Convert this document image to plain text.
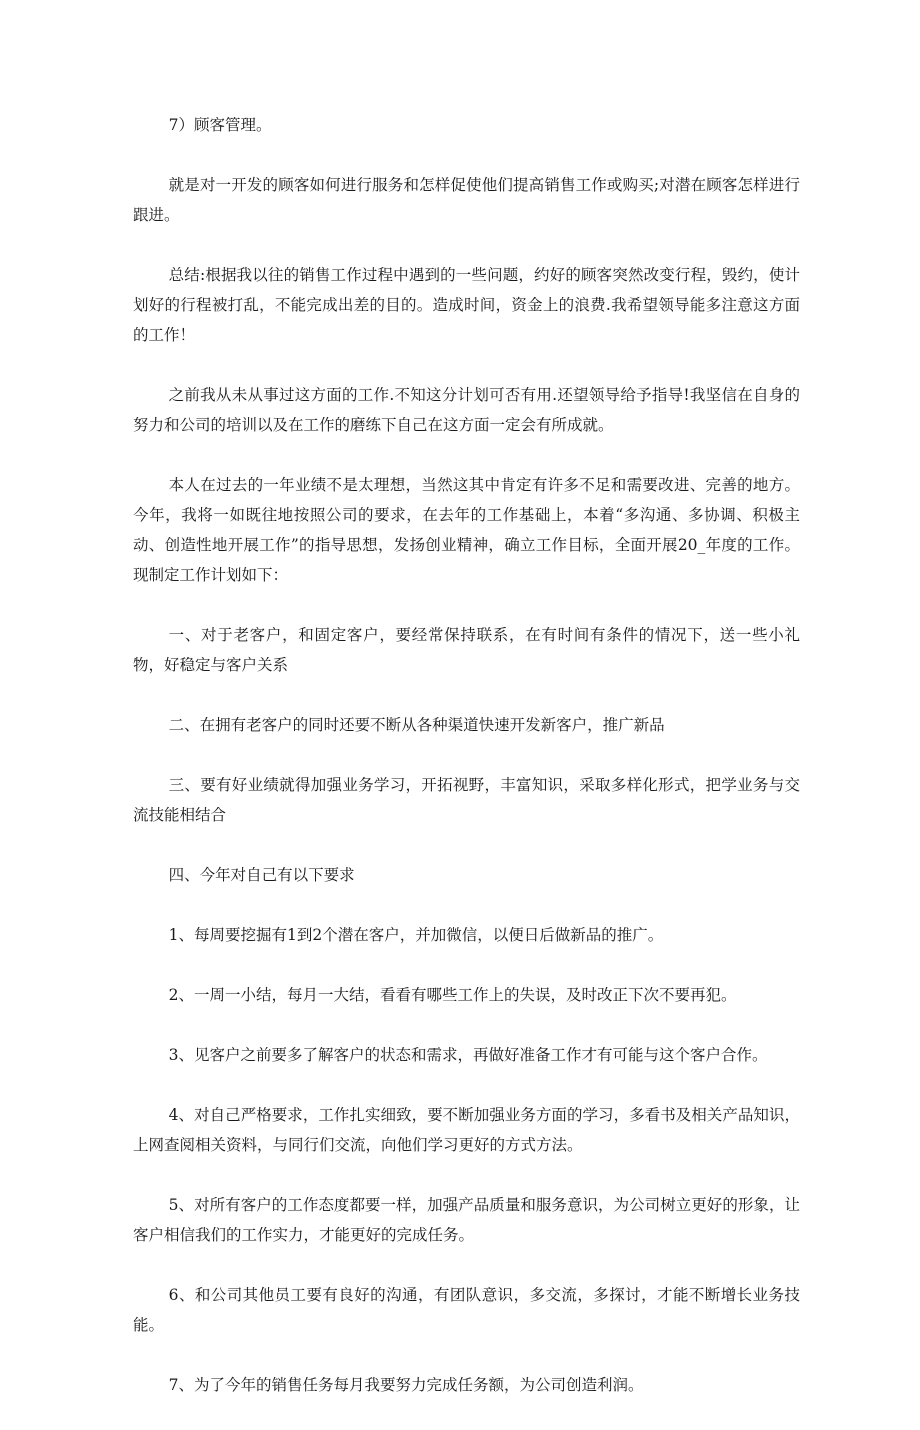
7）顾客管理。

就是对一开发的顾客如何进行服务和怎样促使他们提高销售工作或购买;对潜在顾客怎样进行跟进。

总结:根据我以往的销售工作过程中遇到的一些问题，约好的顾客突然改变行程，毁约，使计划好的行程被打乱，不能完成出差的目的。造成时间，资金上的浪费.我希望领导能多注意这方面的工作！

之前我从未从事过这方面的工作.不知这分计划可否有用.还望领导给予指导!我坚信在自身的努力和公司的培训以及在工作的磨练下自己在这方面一定会有所成就。

本人在过去的一年业绩不是太理想，当然这其中肯定有许多不足和需要改进、完善的地方。今年，我将一如既往地按照公司的要求，在去年的工作基础上，本着“多沟通、多协调、积极主动、创造性地开展工作”的指导思想，发扬创业精神，确立工作目标，全面开展20_年度的工作。现制定工作计划如下：

一、对于老客户，和固定客户，要经常保持联系，在有时间有条件的情况下，送一些小礼物，好稳定与客户关系

二、在拥有老客户的同时还要不断从各种渠道快速开发新客户，推广新品

三、要有好业绩就得加强业务学习，开拓视野，丰富知识，采取多样化形式，把学业务与交流技能相结合

四、今年对自己有以下要求

1、每周要挖掘有1到2个潜在客户，并加微信，以便日后做新品的推广。

2、一周一小结，每月一大结，看看有哪些工作上的失误，及时改正下次不要再犯。

3、见客户之前要多了解客户的状态和需求，再做好准备工作才有可能与这个客户合作。

4、对自己严格要求，工作扎实细致，要不断加强业务方面的学习，多看书及相关产品知识，上网查阅相关资料，与同行们交流，向他们学习更好的方式方法。

5、对所有客户的工作态度都要一样，加强产品质量和服务意识，为公司树立更好的形象，让客户相信我们的工作实力，才能更好的完成任务。

6、和公司其他员工要有良好的沟通，有团队意识，多交流，多探讨，才能不断增长业务技能。

7、为了今年的销售任务每月我要努力完成任务额，为公司创造利润。
